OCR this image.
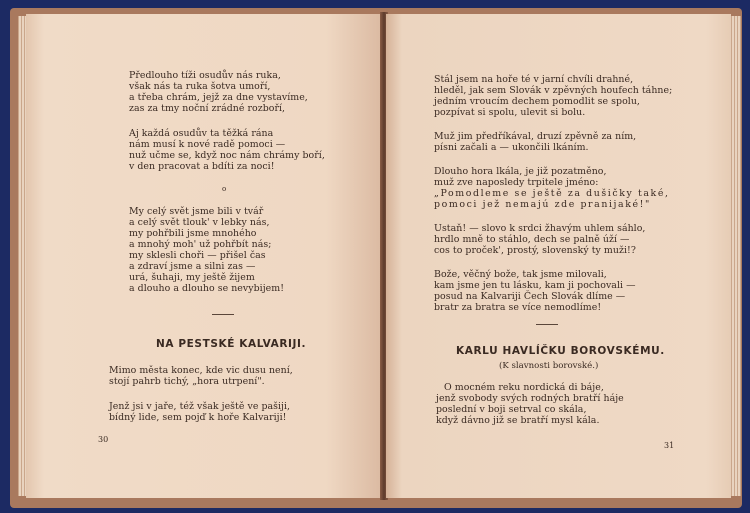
Předlouho tíži osudův nás ruka,
však nás ta ruka šotva umoří,
a třeba chrám, jejž za dne vystavíme,
zas za tmy noční zrádné rozboří,
Aj každá osudův ta těžká rána
nám musí k nové radě pomoci —
nuž učme se, když noc nám chrámy boří,
v den pracovat a bdíti za noci!
o
My celý svět jsme bili v tvář
a celý svět tlouk' v lebky nás,
my pohřbili jsme mnohého
a mnohý moh' už pohřbít nás;
my sklesli choři — přišel čas
a zdraví jsme a silni zas —
urá, šuhaji, my ještě žijem
a dlouho a dlouho se nevybijem!
NA PESTSKÉ KALVARIJI.
Mimo města konec, kde vic dusu není,
stojí pahrb tichý, „hora utrpení".
Jenž jsi v jaře, též však ještě ve pašiji,
bídný lide, sem pojď k hoře Kalvariji!
30
Stál jsem na hoře té v jarní chvíli drahné,
hleděl, jak sem Slovák v zpěvných houfech táhne;
jedním vroucím dechem pomodlit se spolu,
pozpívat si spolu, ulevit si bolu.
Muž jim předříkával, druzí zpěvně za ním,
písni začali a — ukončili lkáním.
Dlouho hora lkála, je již pozatměno,
muž zve naposledy trpitele jméno:
„Pomodleme se ještě za dušičky také,
pomoci jež nemajú zde pranijaké!"
Ustaň! — slovo k srdci žhavým uhlem sáhlo,
hrdlo mně to stáhlo, dech se palně úží —
cos to proček', prostý, slovenský ty muži!?
Bože, věčný bože, tak jsme milovali,
kam jsme jen tu lásku, kam ji pochovali —
posud na Kalvariji Čech Slovák dlíme —
bratr za bratra se více nemodlíme!
KARLU HAVLÍČKU BOROVSKÉMU.
(K slavnosti borovské.)
O mocném reku nordická di báje,
jenž svobody svých rodných bratří háje
poslední v boji setrval co skála,
když dávno již se bratří mysl kála.
31
